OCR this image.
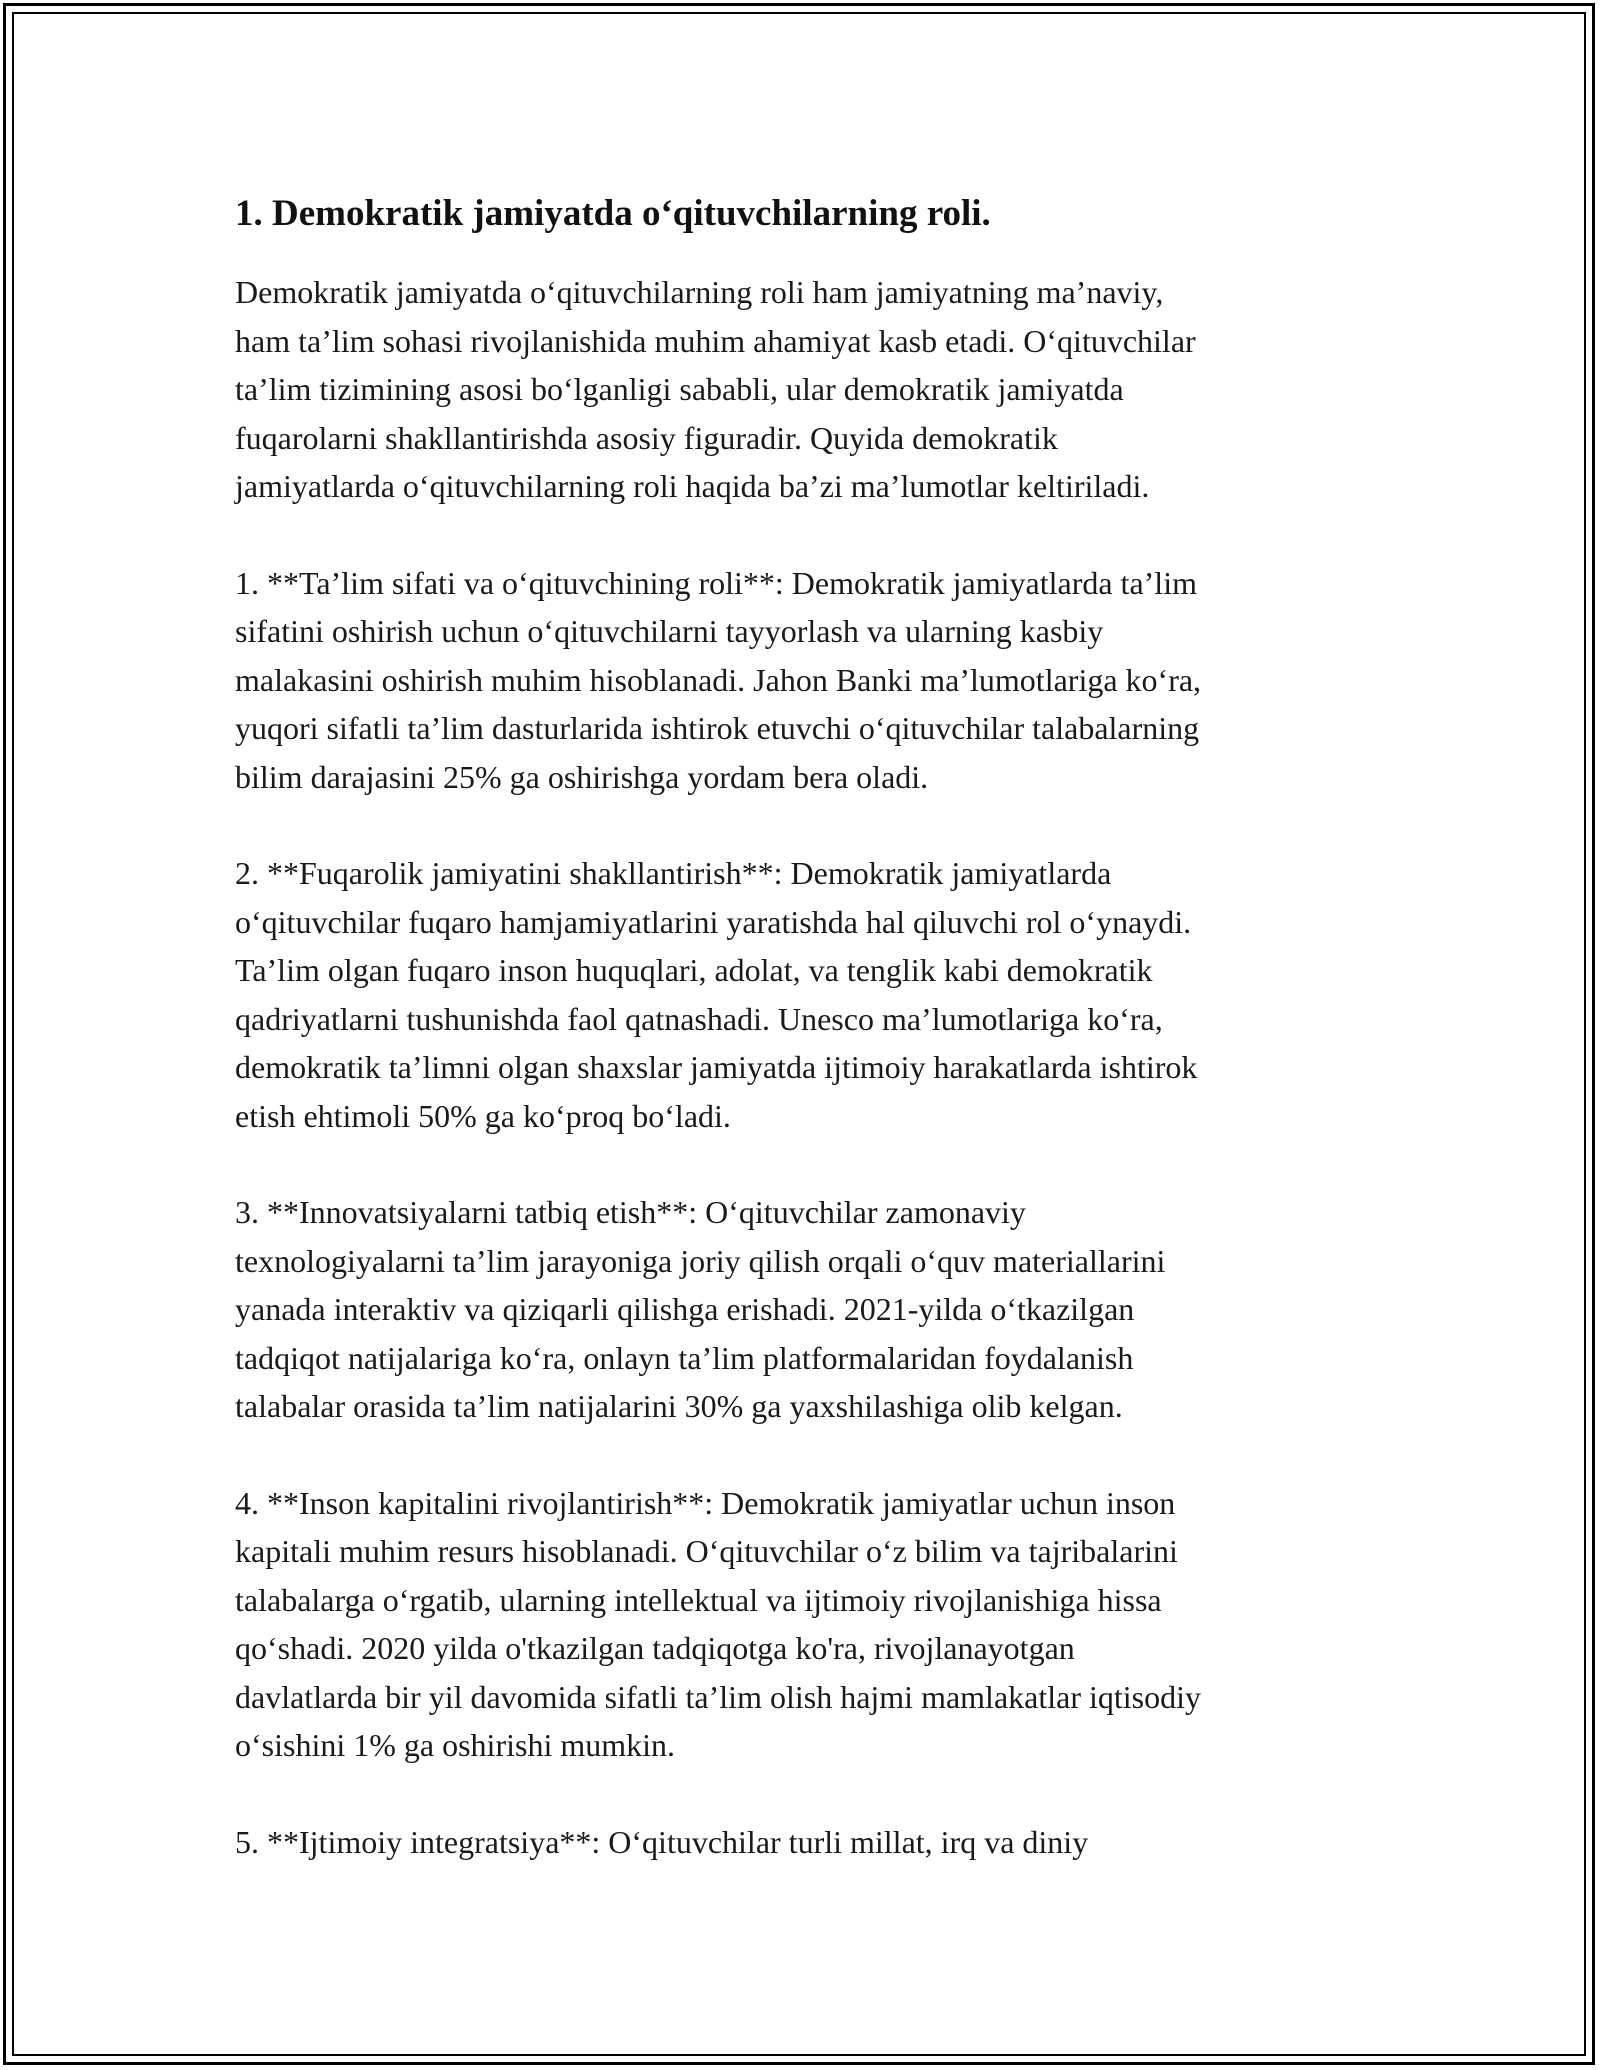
1. Demokratik jamiyatda o‘qituvchilarning roli.

Demokratik jamiyatda o‘qituvchilarning roli ham jamiyatning ma’naviy,
ham ta’lim sohasi rivojlanishida muhim ahamiyat kasb etadi. O‘qituvchilar
ta’lim tizimining asosi bo‘lganligi sababli, ular demokratik jamiyatda
fuqarolarni shakllantirishda asosiy figuradir. Quyida demokratik
jamiyatlarda o‘qituvchilarning roli haqida ba’zi ma’lumotlar keltiriladi.

1. **Ta’lim sifati va o‘qituvchining roli**: Demokratik jamiyatlarda ta’lim
sifatini oshirish uchun o‘qituvchilarni tayyorlash va ularning kasbiy
malakasini oshirish muhim hisoblanadi. Jahon Banki ma’lumotlariga ko‘ra,
yuqori sifatli ta’lim dasturlarida ishtirok etuvchi o‘qituvchilar talabalarning
bilim darajasini 25% ga oshirishga yordam bera oladi.

2. **Fuqarolik jamiyatini shakllantirish**: Demokratik jamiyatlarda
o‘qituvchilar fuqaro hamjamiyatlarini yaratishda hal qiluvchi rol o‘ynaydi.
Ta’lim olgan fuqaro inson huquqlari, adolat, va tenglik kabi demokratik
qadriyatlarni tushunishda faol qatnashadi. Unesco ma’lumotlariga ko‘ra,
demokratik ta’limni olgan shaxslar jamiyatda ijtimoiy harakatlarda ishtirok
etish ehtimoli 50% ga ko‘proq bo‘ladi.

3. **Innovatsiyalarni tatbiq etish**: O‘qituvchilar zamonaviy
texnologiyalarni ta’lim jarayoniga joriy qilish orqali o‘quv materiallarini
yanada interaktiv va qiziqarli qilishga erishadi. 2021-yilda o‘tkazilgan
tadqiqot natijalariga ko‘ra, onlayn ta’lim platformalaridan foydalanish
talabalar orasida ta’lim natijalarini 30% ga yaxshilashiga olib kelgan.

4. **Inson kapitalini rivojlantirish**: Demokratik jamiyatlar uchun inson
kapitali muhim resurs hisoblanadi. O‘qituvchilar o‘z bilim va tajribalarini
talabalarga o‘rgatib, ularning intellektual va ijtimoiy rivojlanishiga hissa
qo‘shadi. 2020 yilda o'tkazilgan tadqiqotga ko'ra, rivojlanayotgan
davlatlarda bir yil davomida sifatli ta’lim olish hajmi mamlakatlar iqtisodiy
o‘sishini 1% ga oshirishi mumkin.

5. **Ijtimoiy integratsiya**: O‘qituvchilar turli millat, irq va diniy
